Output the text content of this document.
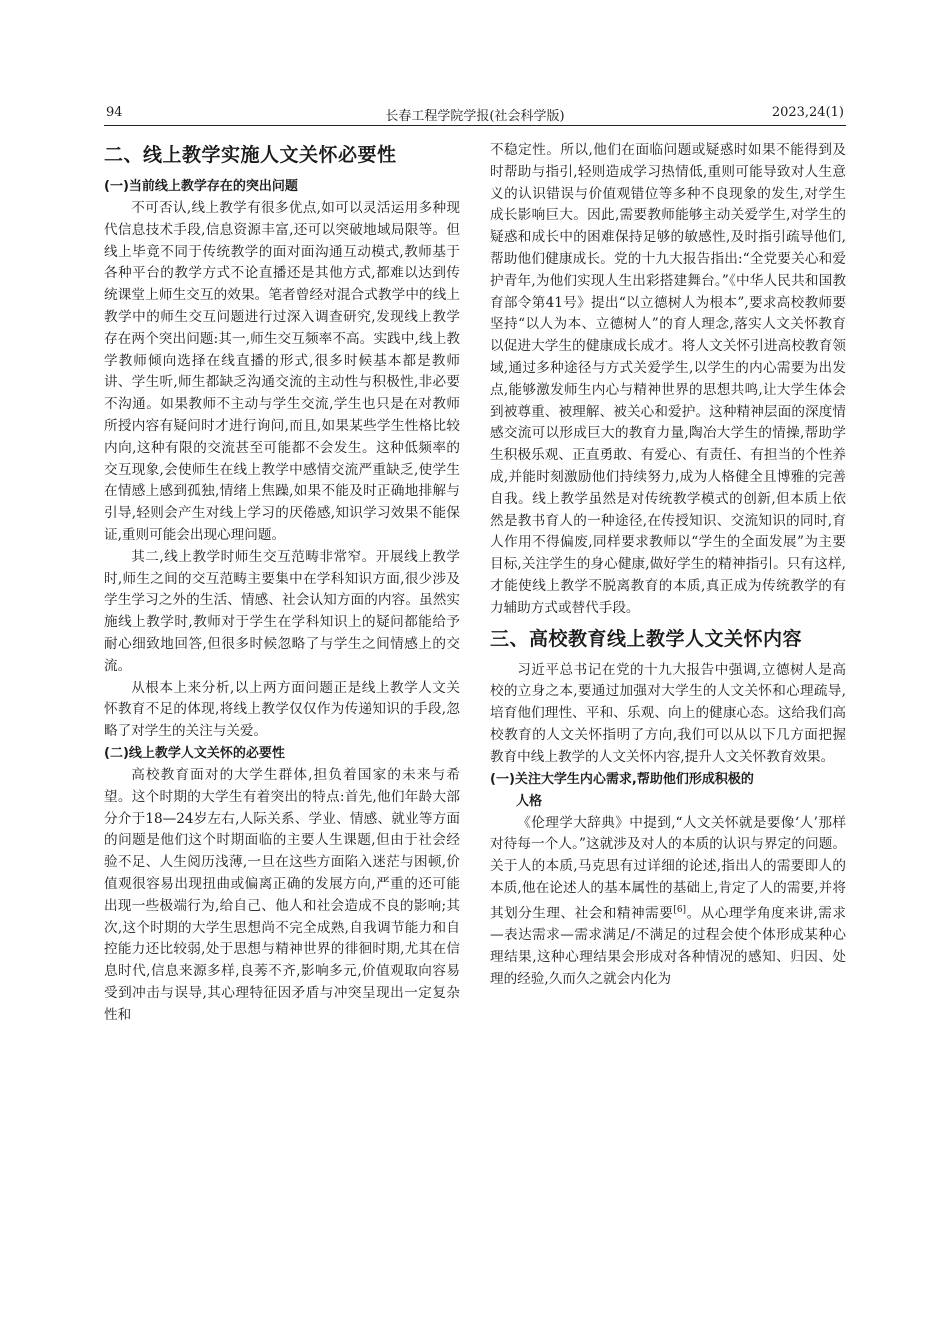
94	长春工程学院学报(社会科学版)	2023,24(1)
二、线上教学实施人文关怀必要性
(一)当前线上教学存在的突出问题

不可否认,线上教学有很多优点,如可以灵活运用多种现代信息技术手段,信息资源丰富,还可以突破地域局限等。但线上毕竟不同于传统教学的面对面沟通互动模式,教师基于各种平台的教学方式不论直播还是其他方式,都难以达到传统课堂上师生交互的效果。笔者曾经对混合式教学中的线上教学中的师生交互问题进行过深入调查研究,发现线上教学存在两个突出问题:其一,师生交互频率不高。实践中,线上教学教师倾向选择在线直播的形式,很多时候基本都是教师讲、学生听,师生都缺乏沟通交流的主动性与积极性,非必要不沟通。如果教师不主动与学生交流,学生也只是在对教师所授内容有疑问时才进行询问,而且,如果某些学生性格比较内向,这种有限的交流甚至可能都不会发生。这种低频率的交互现象,会使师生在线上教学中感情交流严重缺乏,使学生在情感上感到孤独,情绪上焦躁,如果不能及时正确地排解与引导,轻则会产生对线上学习的厌倦感,知识学习效果不能保证,重则可能会出现心理问题。

其二,线上教学时师生交互范畴非常窄。开展线上教学时,师生之间的交互范畴主要集中在学科知识方面,很少涉及学生学习之外的生活、情感、社会认知方面的内容。虽然实施线上教学时,教师对于学生在学科知识上的疑问都能给予耐心细致地回答,但很多时候忽略了与学生之间情感上的交流。

从根本上来分析,以上两方面问题正是线上教学人文关怀教育不足的体现,将线上教学仅仅作为传递知识的手段,忽略了对学生的关注与关爱。

(二)线上教学人文关怀的必要性

高校教育面对的大学生群体,担负着国家的未来与希望。这个时期的大学生有着突出的特点:首先,他们年龄大部分介于18—24岁左右,人际关系、学业、情感、就业等方面的问题是他们这个时期面临的主要人生课题,但由于社会经验不足、人生阅历浅薄,一旦在这些方面陷入迷茫与困顿,价值观很容易出现扭曲或偏离正确的发展方向,严重的还可能出现一些极端行为,给自己、他人和社会造成不良的影响;其次,这个时期的大学生思想尚不完全成熟,自我调节能力和自控能力还比较弱,处于思想与精神世界的徘徊时期,尤其在信息时代,信息来源多样,良莠不齐,影响多元,价值观取向容易受到冲击与误导,其心理特征因矛盾与冲突呈现出一定复杂性和

不稳定性。所以,他们在面临问题或疑惑时如果不能得到及时帮助与指引,轻则造成学习热情低,重则可能导致对人生意义的认识错误与价值观错位等多种不良现象的发生,对学生成长影响巨大。因此,需要教师能够主动关爱学生,对学生的疑惑和成长中的困难保持足够的敏感性,及时指引疏导他们,帮助他们健康成长。党的十九大报告指出:“全党要关心和爱护青年,为他们实现人生出彩搭建舞台。”《中华人民共和国教育部令第41号》提出“以立德树人为根本”,要求高校教师要坚持“以人为本、立德树人”的育人理念,落实人文关怀教育以促进大学生的健康成长成才。将人文关怀引进高校教育领域,通过多种途径与方式关爱学生,以学生的内心需要为出发点,能够激发师生内心与精神世界的思想共鸣,让大学生体会到被尊重、被理解、被关心和爱护。这种精神层面的深度情感交流可以形成巨大的教育力量,陶冶大学生的情操,帮助学生积极乐观、正直勇敢、有爱心、有责任、有担当的个性养成,并能时刻激励他们持续努力,成为人格健全且博雅的完善自我。线上教学虽然是对传统教学模式的创新,但本质上依然是教书育人的一种途径,在传授知识、交流知识的同时,育人作用不得偏废,同样要求教师以“学生的全面发展”为主要目标,关注学生的身心健康,做好学生的精神指引。只有这样,才能使线上教学不脱离教育的本质,真正成为传统教学的有力辅助方式或替代手段。

三、高校教育线上教学人文关怀内容

习近平总书记在党的十九大报告中强调,立德树人是高校的立身之本,要通过加强对大学生的人文关怀和心理疏导,培育他们理性、平和、乐观、向上的健康心态。这给我们高校教育的人文关怀指明了方向,我们可以从以下几方面把握教育中线上教学的人文关怀内容,提升人文关怀教育效果。

(一)关注大学生内心需求,帮助他们形成积极的
人格

《伦理学大辞典》中提到,“人文关怀就是要像‘人’那样对待每一个人。”这就涉及对人的本质的认识与界定的问题。关于人的本质,马克思有过详细的论述,指出人的需要即人的本质,他在论述人的基本属性的基础上,肯定了人的需要,并将其划分生理、社会和精神需要[6]。从心理学角度来讲,需求—表达需求—需求满足/不满足的过程会使个体形成某种心理结果,这种心理结果会形成对各种情况的感知、归因、处理的经验,久而久之就会内化为
